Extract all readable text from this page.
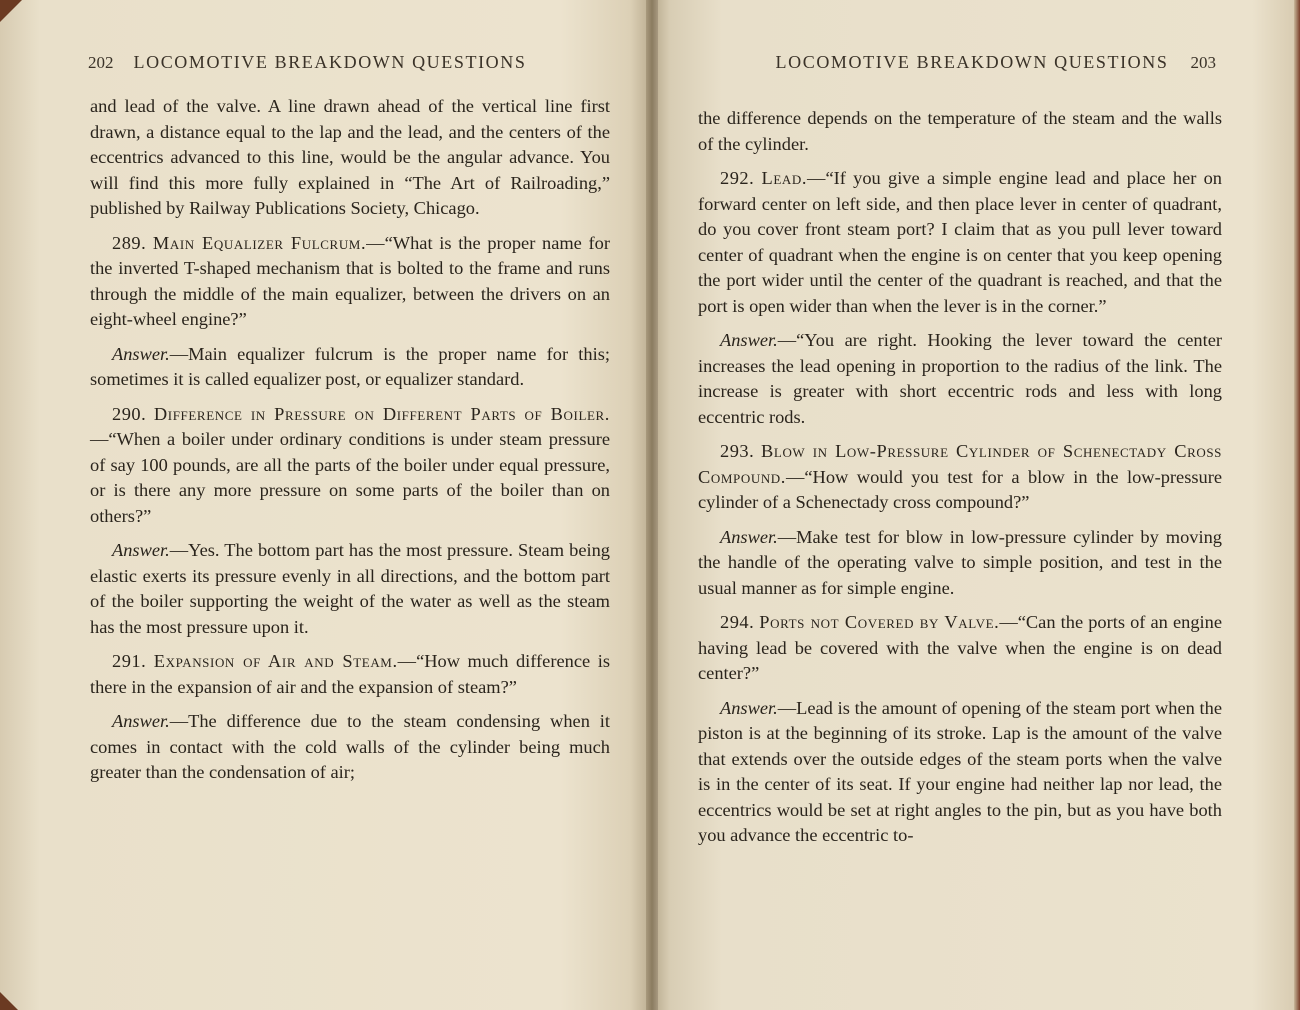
202 LOCOMOTIVE BREAKDOWN QUESTIONS

and lead of the valve. A line drawn ahead of the vertical line first drawn, a distance equal to the lap and the lead, and the centers of the eccentrics advanced to this line, would be the angular advance. You will find this more fully explained in “The Art of Railroading,” published by Railway Publications Society, Chicago.

289. Main Equalizer Fulcrum.—“What is the proper name for the inverted T-shaped mechanism that is bolted to the frame and runs through the middle of the main equalizer, between the drivers on an eight-wheel engine?”

Answer.—Main equalizer fulcrum is the proper name for this; sometimes it is called equalizer post, or equalizer standard.

290. Difference in Pressure on Different Parts of Boiler.—“When a boiler under ordinary conditions is under steam pressure of say 100 pounds, are all the parts of the boiler under equal pressure, or is there any more pressure on some parts of the boiler than on others?”

Answer.—Yes. The bottom part has the most pressure. Steam being elastic exerts its pressure evenly in all directions, and the bottom part of the boiler supporting the weight of the water as well as the steam has the most pressure upon it.

291. Expansion of Air and Steam.—“How much difference is there in the expansion of air and the expansion of steam?”

Answer.—The difference due to the steam condensing when it comes in contact with the cold walls of the cylinder being much greater than the condensation of air;

LOCOMOTIVE BREAKDOWN QUESTIONS 203

the difference depends on the temperature of the steam and the walls of the cylinder.

292. Lead.—“If you give a simple engine lead and place her on forward center on left side, and then place lever in center of quadrant, do you cover front steam port? I claim that as you pull lever toward center of quadrant when the engine is on center that you keep opening the port wider until the center of the quadrant is reached, and that the port is open wider than when the lever is in the corner.”

Answer.—“You are right. Hooking the lever toward the center increases the lead opening in proportion to the radius of the link. The increase is greater with short eccentric rods and less with long eccentric rods.

293. Blow in Low-Pressure Cylinder of Schenectady Cross Compound.—“How would you test for a blow in the low-pressure cylinder of a Schenectady cross compound?”

Answer.—Make test for blow in low-pressure cylinder by moving the handle of the operating valve to simple position, and test in the usual manner as for simple engine.

294. Ports not Covered by Valve.—“Can the ports of an engine having lead be covered with the valve when the engine is on dead center?”

Answer.—Lead is the amount of opening of the steam port when the piston is at the beginning of its stroke. Lap is the amount of the valve that extends over the outside edges of the steam ports when the valve is in the center of its seat. If your engine had neither lap nor lead, the eccentrics would be set at right angles to the pin, but as you have both you advance the eccentric to-
